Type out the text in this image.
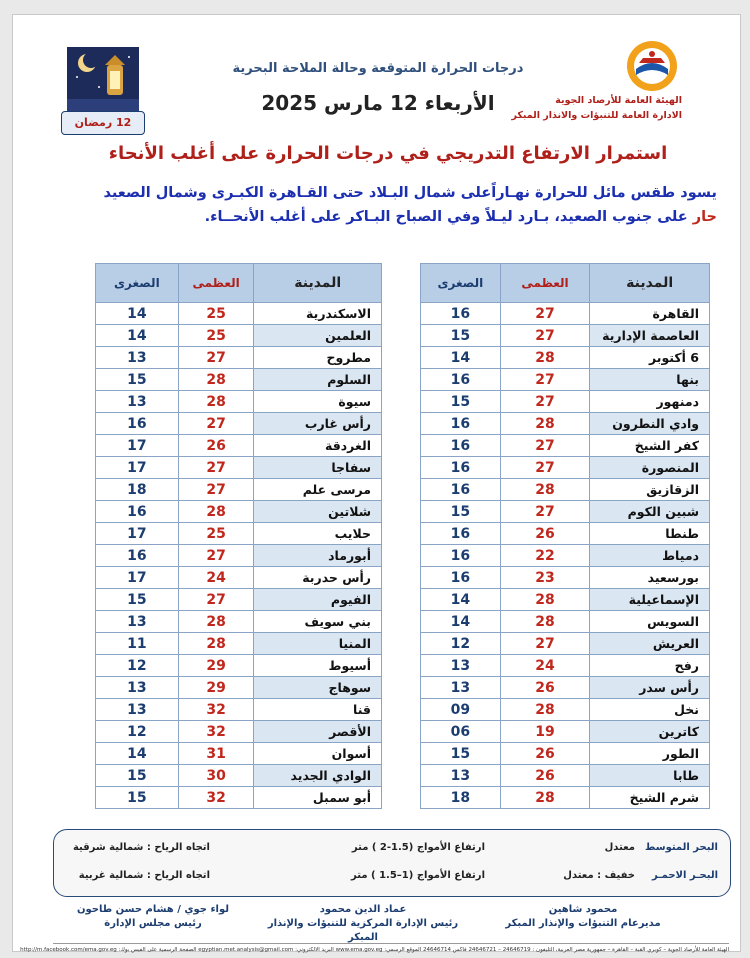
الهيئة العامة للأرصاد الجوية
الادارة العامة للتنبؤات والانذار المبكر
درجات الحرارة المتوقعة وحالة الملاحة البحرية
الأربعاء 12 مارس 2025
12 رمضان
استمرار الارتفاع التدريجي في درجات الحرارة على أغلب الأنحاء
يسود طقس مائل للحرارة نهـاراًعلى شمال البـلاد حتى القـاهرة الكبـرى وشمال الصعيد حار على جنوب الصعيد، بـارد ليـلاً وفي الصباح البـاكر على أغلب الأنحــاء.
المدينة	العظمى	الصغرى
القاهرة	27	16
العاصمة الإدارية	27	15
6 أكتوبر	28	14
بنها	27	16
دمنهور	27	15
وادي النطرون	28	16
كفر الشيخ	27	16
المنصورة	27	16
الزقازيق	28	16
شبين الكوم	27	15
طنطا	26	16
دمياط	22	16
بورسعيد	23	16
الإسماعيلية	28	14
السويس	28	14
العريش	27	12
رفح	24	13
رأس سدر	26	13
نخل	28	09
كاترين	19	06
الطور	26	15
طابا	26	13
شرم الشيخ	28	18
المدينة	العظمى	الصغرى
الاسكندرية	25	14
العلمين	25	14
مطروح	27	13
السلوم	28	15
سيوة	28	13
رأس غارب	27	16
الغردقة	26	17
سفاجا	27	17
مرسى علم	27	18
شلاتين	28	16
حلايب	25	17
أبورماد	27	16
رأس حدربة	24	17
الفيوم	27	15
بني سويف	28	13
المنيا	28	11
أسيوط	29	12
سوهاج	29	13
قنا	32	13
الأقصر	32	12
أسوان	31	14
الوادي الجديد	30	15
أبو سمبل	32	15
البحر المتوسط
معتدل
ارتفاع الأمواج (1.5-2 ) متر
اتجاه الرياح : شمالية شرقية
البحـر الاحمـر
خفيف : معتدل
ارتفاع الأمواج (1–1.5 ) متر
اتجاه الرياح : شمالية غربية
محمود شاهين
مديرعام التنبؤات والإنذار المبكر
عماد الدين محمود
رئيس الإدارة المركزية للتنبؤات والإنذار المبكر
لواء جوي / هشام حسن طاحون
رئيس مجلس الإدارة
الهيئة العامة للأرصاد الجوية – كوبري القبة – القاهرة – جمهورية مصر العربية، التليفون : 24646719 – 24646721 فاكس 24646714 الموقع الرسمي: www.ema.gov.eg البريد الالكتروني: egyptian.met.analysis@gmail.com الصفحة الرسمية على الفيس بوك: http://m.facebook.com/ema.gov.eg
